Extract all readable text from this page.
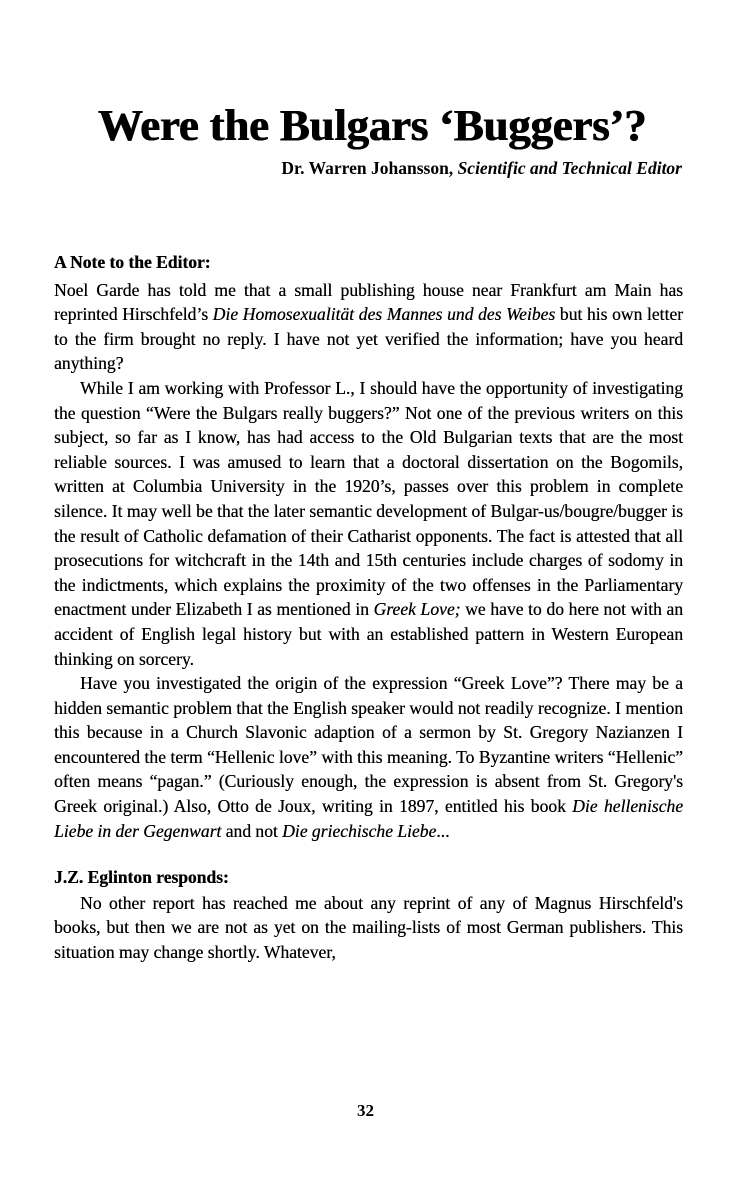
Were the Bulgars ‘Buggers’?
Dr. Warren Johansson, Scientific and Technical Editor
A Note to the Editor:

Noel Garde has told me that a small publishing house near Frankfurt am Main has reprinted Hirschfeld’s Die Homosexualität des Mannes und des Weibes but his own letter to the firm brought no reply. I have not yet verified the information; have you heard anything?

While I am working with Professor L., I should have the opportunity of investigating the question “Were the Bulgars really buggers?” Not one of the previous writers on this subject, so far as I know, has had access to the Old Bulgarian texts that are the most reliable sources. I was amused to learn that a doctoral dissertation on the Bogomils, written at Columbia University in the 1920’s, passes over this problem in complete silence. It may well be that the later semantic development of Bulgar-us/bougre/bugger is the result of Catholic defamation of their Catharist opponents. The fact is attested that all prosecutions for witchcraft in the 14th and 15th centuries include charges of sodomy in the indictments, which explains the proximity of the two offenses in the Parliamentary enactment under Elizabeth I as mentioned in Greek Love; we have to do here not with an accident of English legal history but with an established pattern in Western European thinking on sorcery.

Have you investigated the origin of the expression “Greek Love”? There may be a hidden semantic problem that the English speaker would not readily recognize. I mention this because in a Church Slavonic adaption of a sermon by St. Gregory Nazianzen I encountered the term “Hellenic love” with this meaning. To Byzantine writers “Hellenic” often means “pagan.” (Curiously enough, the expression is absent from St. Gregory's Greek original.) Also, Otto de Joux, writing in 1897, entitled his book Die hellenische Liebe in der Gegenwart and not Die griechische Liebe...

J.Z. Eglinton responds:

No other report has reached me about any reprint of any of Magnus Hirschfeld's books, but then we are not as yet on the mailing-lists of most German publishers. This situation may change shortly. Whatever,

32
